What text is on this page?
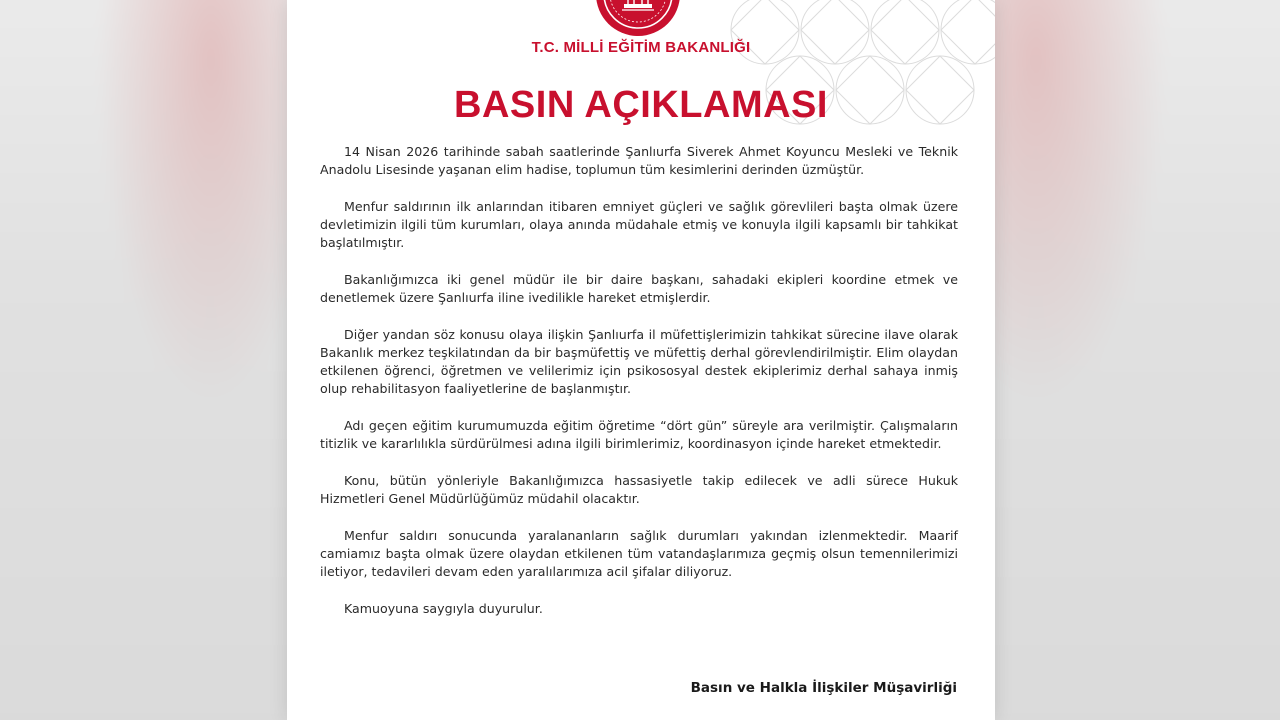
T.C. MİLLİ EĞİTİM BAKANLIĞI
BASIN AÇIKLAMASI

14 Nisan 2026 tarihinde sabah saatlerinde Şanlıurfa Siverek Ahmet Koyuncu Mesleki ve Teknik Anadolu Lisesinde yaşanan elim hadise, toplumun tüm kesimlerini derinden üzmüştür.

Menfur saldırının ilk anlarından itibaren emniyet güçleri ve sağlık görevlileri başta olmak üzere devletimizin ilgili tüm kurumları, olaya anında müdahale etmiş ve konuyla ilgili kapsamlı bir tahkikat başlatılmıştır.

Bakanlığımızca iki genel müdür ile bir daire başkanı, sahadaki ekipleri koordine etmek ve denetlemek üzere Şanlıurfa iline ivedilikle hareket etmişlerdir.

Diğer yandan söz konusu olaya ilişkin Şanlıurfa il müfettişlerimizin tahkikat sürecine ilave olarak Bakanlık merkez teşkilatından da bir başmüfettiş ve müfettiş derhal görevlendirilmiştir. Elim olaydan etkilenen öğrenci, öğretmen ve velilerimiz için psikososyal destek ekiplerimiz derhal sahaya inmiş olup rehabilitasyon faaliyetlerine de başlanmıştır.

Adı geçen eğitim kurumumuzda eğitim öğretime “dört gün” süreyle ara verilmiştir. Çalışmaların titizlik ve kararlılıkla sürdürülmesi adına ilgili birimlerimiz, koordinasyon içinde hareket etmektedir.

Konu, bütün yönleriyle Bakanlığımızca hassasiyetle takip edilecek ve adli sürece Hukuk Hizmetleri Genel Müdürlüğümüz müdahil olacaktır.

Menfur saldırı sonucunda yaralananların sağlık durumları yakından izlenmektedir. Maarif camiamız başta olmak üzere olaydan etkilenen tüm vatandaşlarımıza geçmiş olsun temennilerimizi iletiyor, tedavileri devam eden yaralılarımıza acil şifalar diliyoruz.

Kamuoyuna saygıyla duyurulur.

Basın ve Halkla İlişkiler Müşavirliği
